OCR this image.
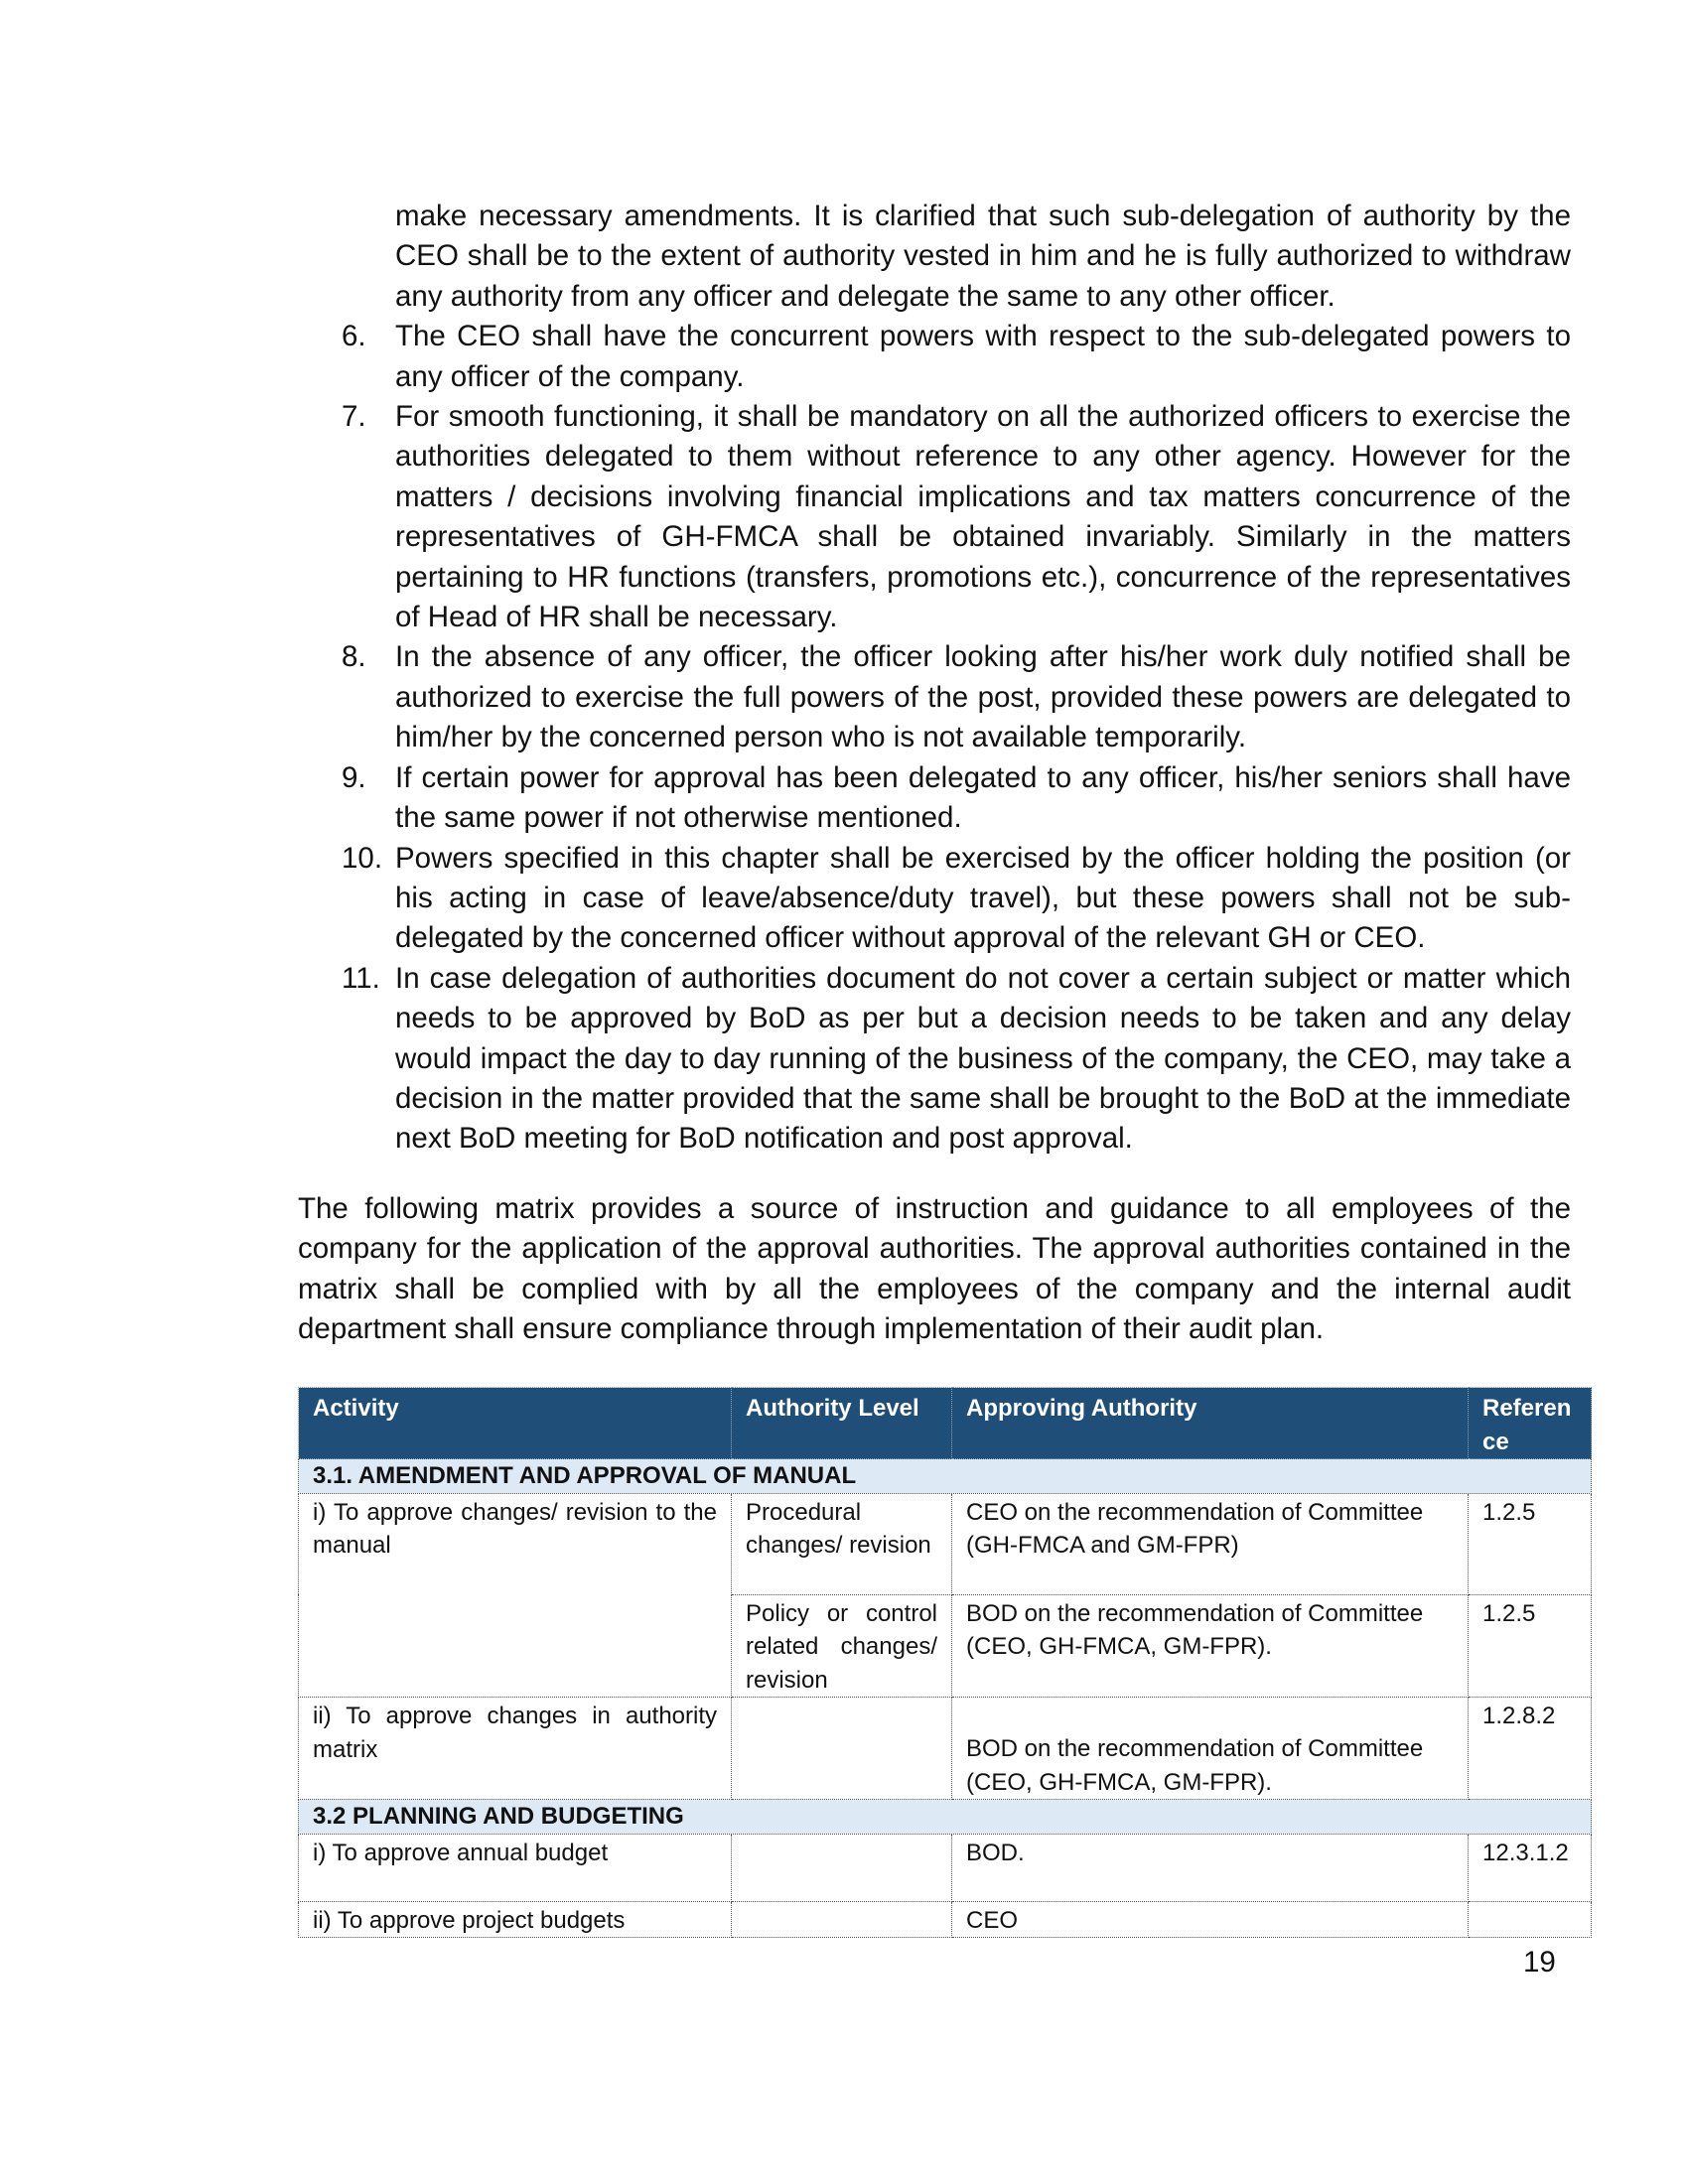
make necessary amendments. It is clarified that such sub-delegation of authority by the CEO shall be to the extent of authority vested in him and he is fully authorized to withdraw any authority from any officer and delegate the same to any other officer.
6. The CEO shall have the concurrent powers with respect to the sub-delegated powers to any officer of the company.
7. For smooth functioning, it shall be mandatory on all the authorized officers to exercise the authorities delegated to them without reference to any other agency. However for the matters / decisions involving financial implications and tax matters concurrence of the representatives of GH-FMCA shall be obtained invariably. Similarly in the matters pertaining to HR functions (transfers, promotions etc.), concurrence of the representatives of Head of HR shall be necessary.
8. In the absence of any officer, the officer looking after his/her work duly notified shall be authorized to exercise the full powers of the post, provided these powers are delegated to him/her by the concerned person who is not available temporarily.
9. If certain power for approval has been delegated to any officer, his/her seniors shall have the same power if not otherwise mentioned.
10. Powers specified in this chapter shall be exercised by the officer holding the position (or his acting in case of leave/absence/duty travel), but these powers shall not be sub-delegated by the concerned officer without approval of the relevant GH or CEO.
11. In case delegation of authorities document do not cover a certain subject or matter which needs to be approved by BoD as per but a decision needs to be taken and any delay would impact the day to day running of the business of the company, the CEO, may take a decision in the matter provided that the same shall be brought to the BoD at the immediate next BoD meeting for BoD notification and post approval.
The following matrix provides a source of instruction and guidance to all employees of the company for the application of the approval authorities. The approval authorities contained in the matrix shall be complied with by all the employees of the company and the internal audit department shall ensure compliance through implementation of their audit plan.
Activity	Authority Level	Approving Authority	Referen ce
3.1. AMENDMENT AND APPROVAL OF MANUAL			
i) To approve changes/ revision to the manual	Procedural changes/ revision	CEO on the recommendation of Committee (GH-FMCA and GM-FPR)	1.2.5
	Policy or control related changes/ revision	BOD on the recommendation of Committee (CEO, GH-FMCA, GM-FPR).	1.2.5
ii) To approve changes in authority matrix		BOD on the recommendation of Committee (CEO, GH-FMCA, GM-FPR).	1.2.8.2
3.2 PLANNING AND BUDGETING			
i) To approve annual budget		BOD.	12.3.1.2
ii) To approve project budgets		CEO	
19
